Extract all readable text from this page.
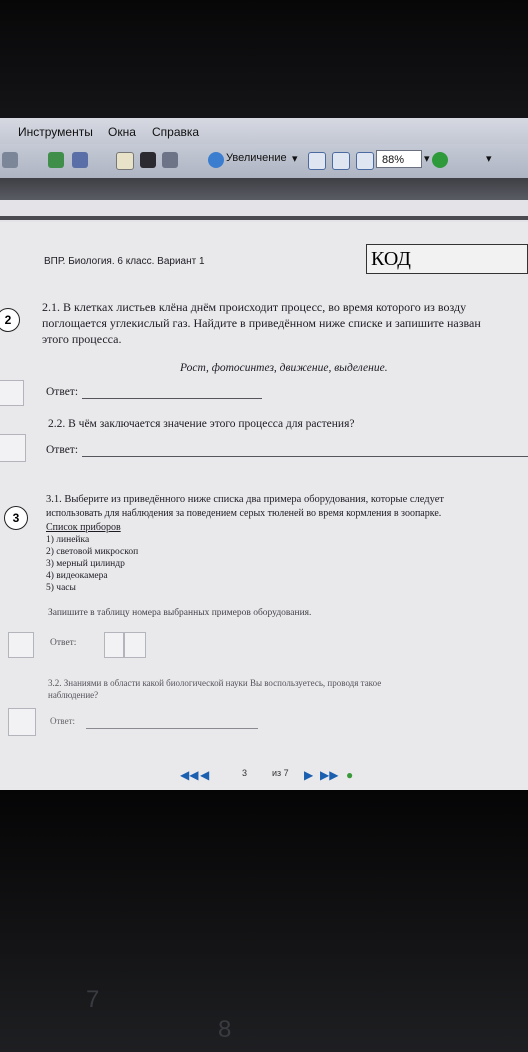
Инструменты Окна Справка
Увеличение ▾	88%	▾	▾
ВПР. Биология. 6 класс. Вариант 1	КОД
2
2.1. В клетках листьев клёна днём происходит процесс, во время которого из возду
поглощается углекислый газ. Найдите в приведённом ниже списке и запишите назван
этого процесса.
Рост, фотосинтез, движение, выделение.
Ответ:
2.2. В чём заключается значение этого процесса для растения?
Ответ:
3
3.1. Выберите из приведённого ниже списка два примера оборудования, которые следует
использовать для наблюдения за поведением серых тюленей во время кормления в зоопарке.
Список приборов
1) линейка
2) световой микроскоп
3) мерный цилиндр
4) видеокамера
5) часы
Запишите в таблицу номера выбранных примеров оборудования.
Ответ:
3.2. Знаниями в области какой биологической науки Вы воспользуетесь, проводя такое
наблюдение?
Ответ:
◀◀ ◀	3	из 7 ▶ ▶▶ ●
7
8
